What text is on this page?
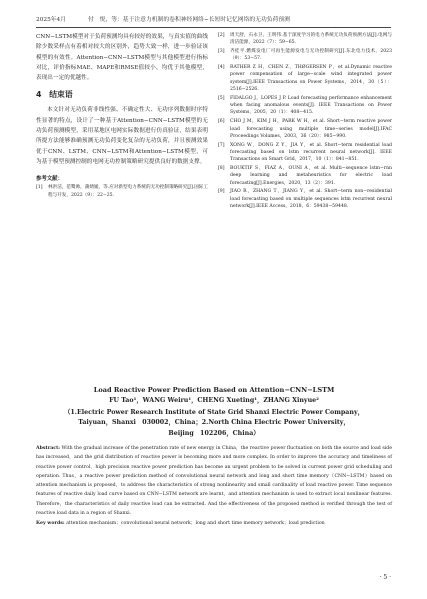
2025年4月	付　悦，等：基于注意力机制的卷积神经网络−长短时记忆网络的无功负荷预测

CNN−LSTM模型对于负荷预测均具有较好的效果，与真实值的曲线除少数采样点有着相对较大的区别外，趋势大致一样，进一步验证该模型的有效性。Attention−CNN−LSTM模型与其他模型进行指标对比，评价指标MAE、MAPE和RMSE值较小，均优于其他模型，表现出一定的优越性。

4　结束语

本文针对无功负荷非线性强、不确定性大、无功序列数据时序特性显著的特点，设计了一种基于Attention−CNN−LSTM模型的无功负荷预测模型，采用某地区电网实际数据进行仿真验证，结果表明所提方法能够准确预测无功负荷变化复杂的无功负荷，并且预测效果优于CNN、LSTM、CNN−LSTM和Attention−LSTM模型，可为基于模型预测控制的电网无功控制策略研究提供良好的数据支撑。

参考文献：
[1]	林洪洁，范鹭帅，蒲婧媛，等.应对新型电力系统的无功控制策略研究[J].国际工程与开发，2022（9）：22−25.
[2]	周天舒，石永卫，王明伟.基于深度学习的电力系统无功负荷预测方法[J].电网与清洁能源，2022（7）：59−65.
[3]	齐桂平.燃煤发电厂可再生能源发电与无功控制研究[J].东北电力技术，2023（9）：53−57.
[4]	RATHER Z H，CHEN Z，THØGERSEN P，et al.Dynamic reactive power compensation of large−scale wind integrated power system[J].IEEE Transactions on Power Systems，2014，30（5）：2516−2526.
[5]	FIDALGO J，LOPES J P. Load forecasting performance enhancement when facing anomalous events[J]. IEEE Transactions on Power Systems，2005，20（1）：408−415.
[6]	CHO J M，KIM J H，PARK W H，et al. Short−term reactive power load forecasting using multiple time−series model[J].IFAC Proceedings Volumes，2003，36（20）：985−990.
[7]	XONG W，DONG Z Y，JIA Y，et al. Short−term residential load forecasting based on lstm recurrent neural network[J]. IEEE Transactions on Smart Grid，2017，10（1）：841−851.
[8]	BOUKTIF S，FIAZ A，OUNI A，et al. Multi−sequence lstm−rnn deep learning and metaheuristics for electric load forecasting[J].Energies，2020，13（2）：391.
[9]	JIAO R，ZHANG T，JIANG Y，et al. Short−term non−residential load forecasting based on multiple sequences lstm recurrent neural network[J].IEEE Access，2018，6：59438−59448.
Load Reactive Power Prediction Based on Attention−CNN−LSTM
FU Tao¹，WANG Weiru¹，CHENG Xueting¹，ZHANG Xinyue²
（1.Electric Power Research Institute of State Grid Shanxi Electric Power Company，
Taiyuan，Shanxi　030002，China；2.North China Electric Power University，
Beijing　102206，China）
Abstract: With the gradual increase of the penetration rate of new energy in China，the reactive power fluctuation on both the source and load side has increased，and the grid distribution of reactive power is becoming more and more complex. In order to improve the accuracy and timeliness of reactive power control，high precision reactive power prediction has become an urgent problem to be solved in current power grid scheduling and operation. Thus，a reactive power prediction method of convolutional neural network and long and short time memory（CNN−LSTM）based on attention mechanism is proposed，to address the characteristics of strong nonlinearity and small cardinality of load reactive power. Time sequence features of reactive daily load curve based on CNN−LSTM network are learnt，and attention mechanism is used to extract local nonlinear features. Therefore，the characteristics of daily reactive load can be extracted. And the effectiveness of the proposed method is verified through the test of reactive load data in a region of Shanxi.
Key words: attention mechanism；convolutional neural network；long and short time memory network；load prediction
· 5 ·
